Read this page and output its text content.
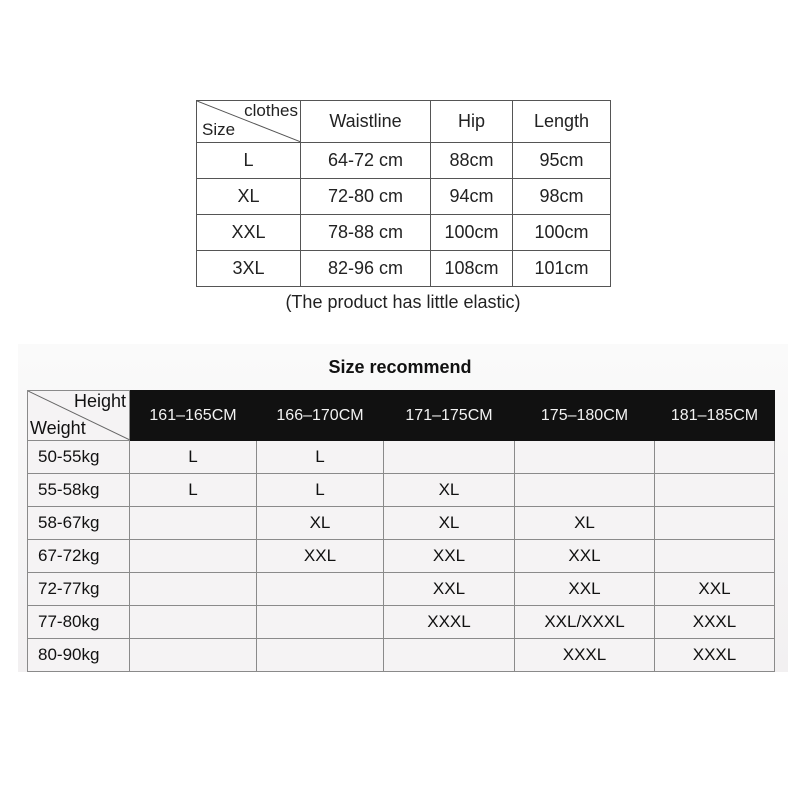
clothes
Size	Waistline	Hip	Length
L	64-72 cm	88cm	95cm
XL	72-80 cm	94cm	98cm
XXL	78-88 cm	100cm	100cm
3XL	82-96 cm	108cm	101cm
(The product has little elastic)
Size recommend
Height
Weight	161–165CM	166–170CM	171–175CM	175–180CM	181–185CM
50-55kg	L	L			
55-58kg	L	L	XL		
58-67kg		XL	XL	XL	
67-72kg		XXL	XXL	XXL	
72-77kg			XXL	XXL	XXL
77-80kg			XXXL	XXL/XXXL	XXXL
80-90kg				XXXL	XXXL
